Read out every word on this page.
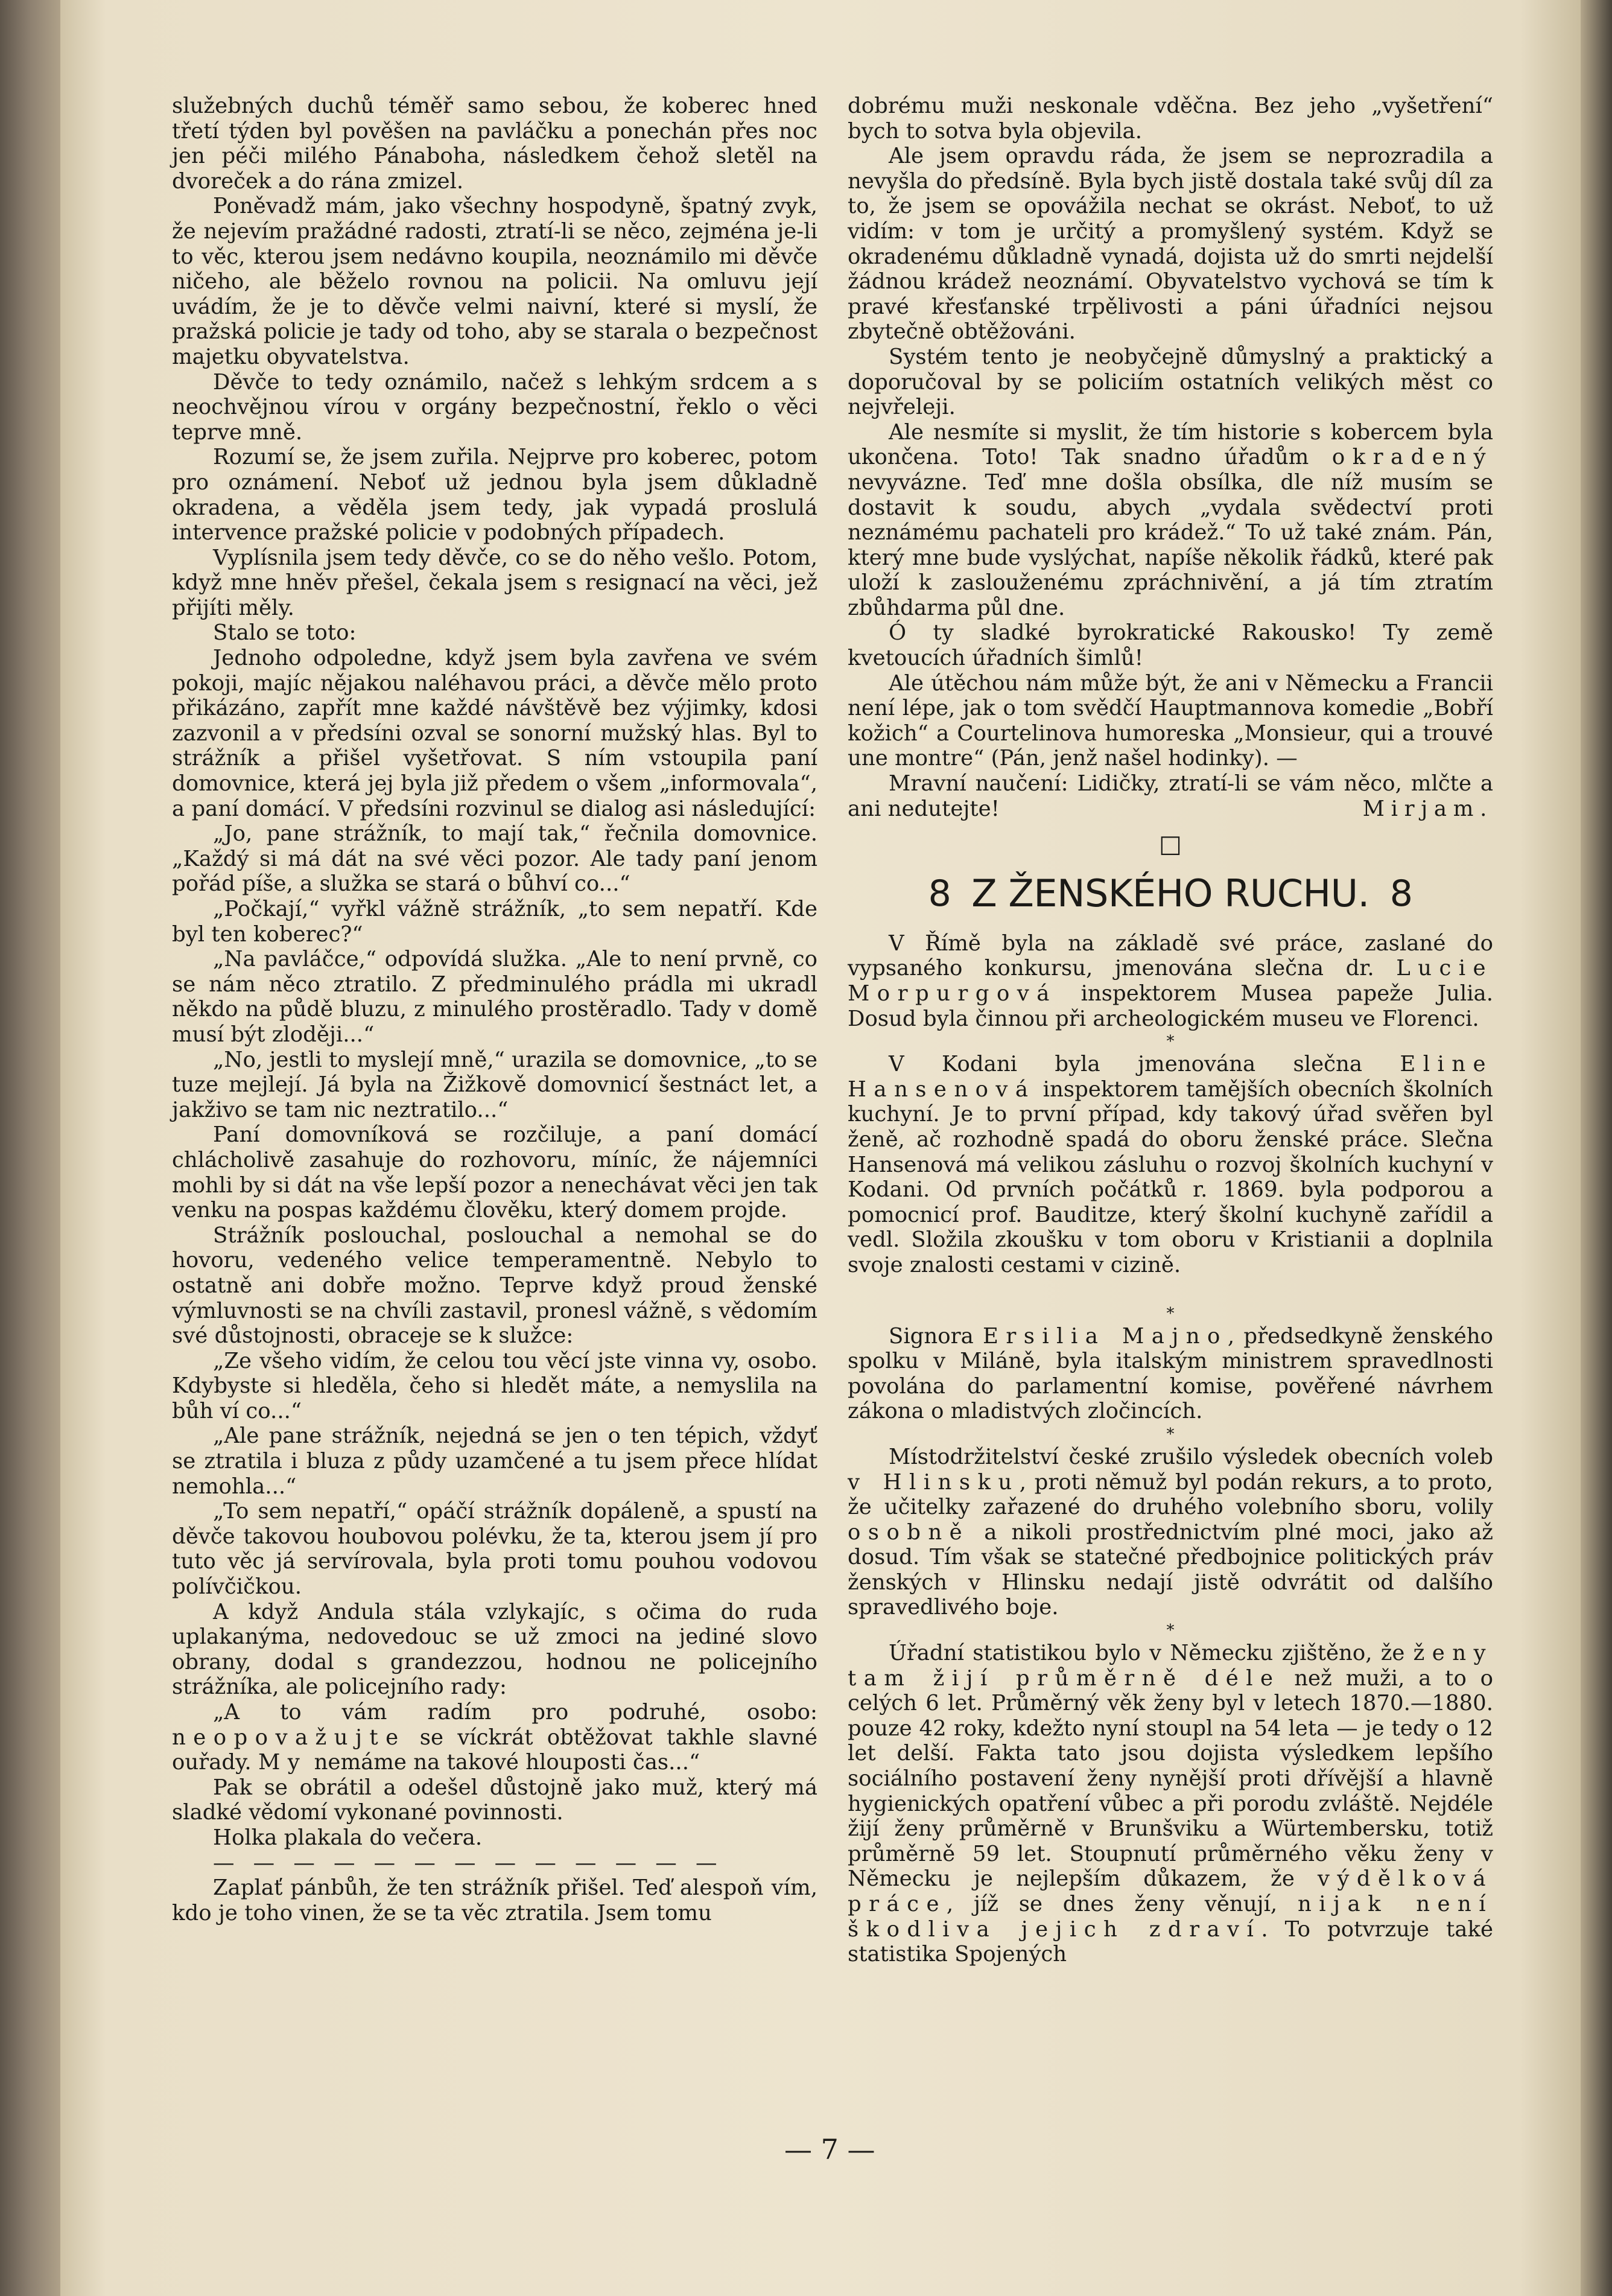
služebných duchů téměř samo sebou, že koberec hned třetí týden byl pověšen na pavláčku a ponechán přes noc jen péči milého Pánaboha, následkem čehož sletěl na dvoreček a do rána zmizel.

Poněvadž mám, jako všechny hospodyně, špatný zvyk, že nejevím pražádné radosti, ztratí-li se něco, zejména je-li to věc, kterou jsem nedávno koupila, neoznámilo mi děvče ničeho, ale běželo rovnou na policii. Na omluvu její uvádím, že je to děvče velmi naivní, které si myslí, že pražská policie je tady od toho, aby se starala o bezpečnost majetku obyvatelstva.

Děvče to tedy oznámilo, načež s lehkým srdcem a s neochvějnou vírou v orgány bezpečnostní, řeklo o věci teprve mně.

Rozumí se, že jsem zuřila. Nejprve pro koberec, potom pro oznámení. Neboť už jednou byla jsem důkladně okradena, a věděla jsem tedy, jak vypadá proslulá intervence pražské policie v podobných případech.

Vyplísnila jsem tedy děvče, co se do něho vešlo. Potom, když mne hněv přešel, čekala jsem s resignací na věci, jež přijíti měly.

Stalo se toto:

Jednoho odpoledne, když jsem byla zavřena ve svém pokoji, majíc nějakou naléhavou práci, a děvče mělo proto přikázáno, zapřít mne každé návštěvě bez výjimky, kdosi zazvonil a v předsíni ozval se sonorní mužský hlas. Byl to strážník a přišel vyšetřovat. S ním vstoupila paní domovnice, která jej byla již předem o všem „informovala“, a paní domácí. V předsíni rozvinul se dialog asi následující:

„Jo, pane strážník, to mají tak,“ řečnila domovnice. „Každý si má dát na své věci pozor. Ale tady paní jenom pořád píše, a služka se stará o bůhví co...“

„Počkají,“ vyřkl vážně strážník, „to sem nepatří. Kde byl ten koberec?“

„Na pavláčce,“ odpovídá služka. „Ale to není prvně, co se nám něco ztratilo. Z předminulého prádla mi ukradl někdo na půdě bluzu, z minulého prostěradlo. Tady v domě musí být zloději...“

„No, jestli to myslejí mně,“ urazila se domovnice, „to se tuze mejlejí. Já byla na Žižkově domovnicí šestnáct let, a jakživo se tam nic neztratilo...“

Paní domovníková se rozčiluje, a paní domácí chlácholivě zasahuje do rozhovoru, míníc, že nájemníci mohli by si dát na vše lepší pozor a nenechávat věci jen tak venku na pospas každému člověku, který domem projde.

Strážník poslouchal, poslouchal a nemohal se do hovoru, vedeného velice temperamentně. Nebylo to ostatně ani dobře možno. Teprve když proud ženské výmluvnosti se na chvíli zastavil, pronesl vážně, s vědomím své důstojnosti, obraceje se k služce:

„Ze všeho vidím, že celou tou věcí jste vinna vy, osobo. Kdybyste si hleděla, čeho si hledět máte, a nemyslila na bůh ví co...“

„Ale pane strážník, nejedná se jen o ten tépich, vždyť se ztratila i bluza z půdy uzamčené a tu jsem přece hlídat nemohla...“

„To sem nepatří,“ opáčí strážník dopáleně, a spustí na děvče takovou houbovou polévku, že ta, kterou jsem jí pro tuto věc já servírovala, byla proti tomu pouhou vodovou polívčičkou.

A když Andula stála vzlykajíc, s očima do ruda uplakanýma, nedovedouc se už zmoci na jediné slovo obrany, dodal s grandezzou, hodnou ne policejního strážníka, ale policejního rady:

„A to vám radím pro podruhé, osobo: neopovažujte se víckrát obtěžovat takhle slavné ouřady. My nemáme na takové hlouposti čas...“

Pak se obrátil a odešel důstojně jako muž, který má sladké vědomí vykonané povinnosti.

Holka plakala do večera.

— — — — — — — — — — — — —

Zaplať pánbůh, že ten strážník přišel. Teď alespoň vím, kdo je toho vinen, že se ta věc ztratila. Jsem tomu

dobrému muži neskonale vděčna. Bez jeho „vyšetření“ bych to sotva byla objevila.

Ale jsem opravdu ráda, že jsem se neprozradila a nevyšla do předsíně. Byla bych jistě dostala také svůj díl za to, že jsem se opovážila nechat se okrást. Neboť, to už vidím: v tom je určitý a promyšlený systém. Když se okradenému důkladně vynadá, dojista už do smrti nejdelší žádnou krádež neoznámí. Obyvatelstvo vychová se tím k pravé křesťanské trpělivosti a páni úřadníci nejsou zbytečně obtěžováni.

Systém tento je neobyčejně důmyslný a praktický a doporučoval by se policiím ostatních velikých měst co nejvřeleji.

Ale nesmíte si myslit, že tím historie s kobercem byla ukončena. Toto! Tak snadno úřadům okradený nevyvázne. Teď mne došla obsílka, dle níž musím se dostavit k soudu, abych „vydala svědectví proti neznámému pachateli pro krádež.“ To už také znám. Pán, který mne bude vyslýchat, napíše několik řádků, které pak uloží k zaslouženému zpráchnivění, a já tím ztratím zbůhdarma půl dne.

Ó ty sladké byrokratické Rakousko! Ty země kvetoucích úřadních šimlů!

Ale útěchou nám může být, že ani v Německu a Francii není lépe, jak o tom svědčí Hauptmannova komedie „Bobří kožich“ a Courtelinova humoreska „Monsieur, qui a trouvé une montre“ (Pán, jenž našel hodinky). —

Mravní naučení: Lidičky, ztratí-li se vám něco, mlčte a ani nedutejte!	Mirjam.

□
8 Z ŽENSKÉHO RUCHU. 8

V Římě byla na základě své práce, zaslané do vypsaného konkursu, jmenována slečna dr. Lucie Morpurgová inspektorem Musea papeže Julia. Dosud byla činnou při archeologickém museu ve Florenci.

*

V Kodani byla jmenována slečna Eline Hansenová inspektorem tamějších obecních školních kuchyní. Je to první případ, kdy takový úřad svěřen byl ženě, ač rozhodně spadá do oboru ženské práce. Slečna Hansenová má velikou zásluhu o rozvoj školních kuchyní v Kodani. Od prvních počátků r. 1869. byla podporou a pomocnicí prof. Bauditze, který školní kuchyně zařídil a vedl. Složila zkoušku v tom oboru v Kristianii a doplnila svoje znalosti cestami v cizině.

*

Signora Ersilia Majno, předsedkyně ženského spolku v Miláně, byla italským ministrem spravedlnosti povolána do parlamentní komise, pověřené návrhem zákona o mladistvých zločincích.

*

Místodržitelství české zrušilo výsledek obecních voleb v Hlinsku, proti němuž byl podán rekurs, a to proto, že učitelky zařazené do druhého volebního sboru, volily osobně a nikoli prostřednictvím plné moci, jako až dosud. Tím však se statečné předbojnice politických práv ženských v Hlinsku nedají jistě odvrátit od dalšího spravedlivého boje.

*

Úřadní statistikou bylo v Německu zjištěno, že ženy tam žijí průměrně déle než muži, a to o celých 6 let. Průměrný věk ženy byl v letech 1870.—1880. pouze 42 roky, kdežto nyní stoupl na 54 leta — je tedy o 12 let delší. Fakta tato jsou dojista výsledkem lepšího sociálního postavení ženy nynější proti dřívější a hlavně hygienických opatření vůbec a při porodu zvláště. Nejdéle žijí ženy průměrně v Brunšviku a Würtembersku, totiž průměrně 59 let. Stoupnutí průměrného věku ženy v Německu je nejlepším důkazem, že výdělková práce, jíž se dnes ženy věnují, nijak není škodliva jejich zdraví. To potvrzuje také statistika Spojených

— 7 —
